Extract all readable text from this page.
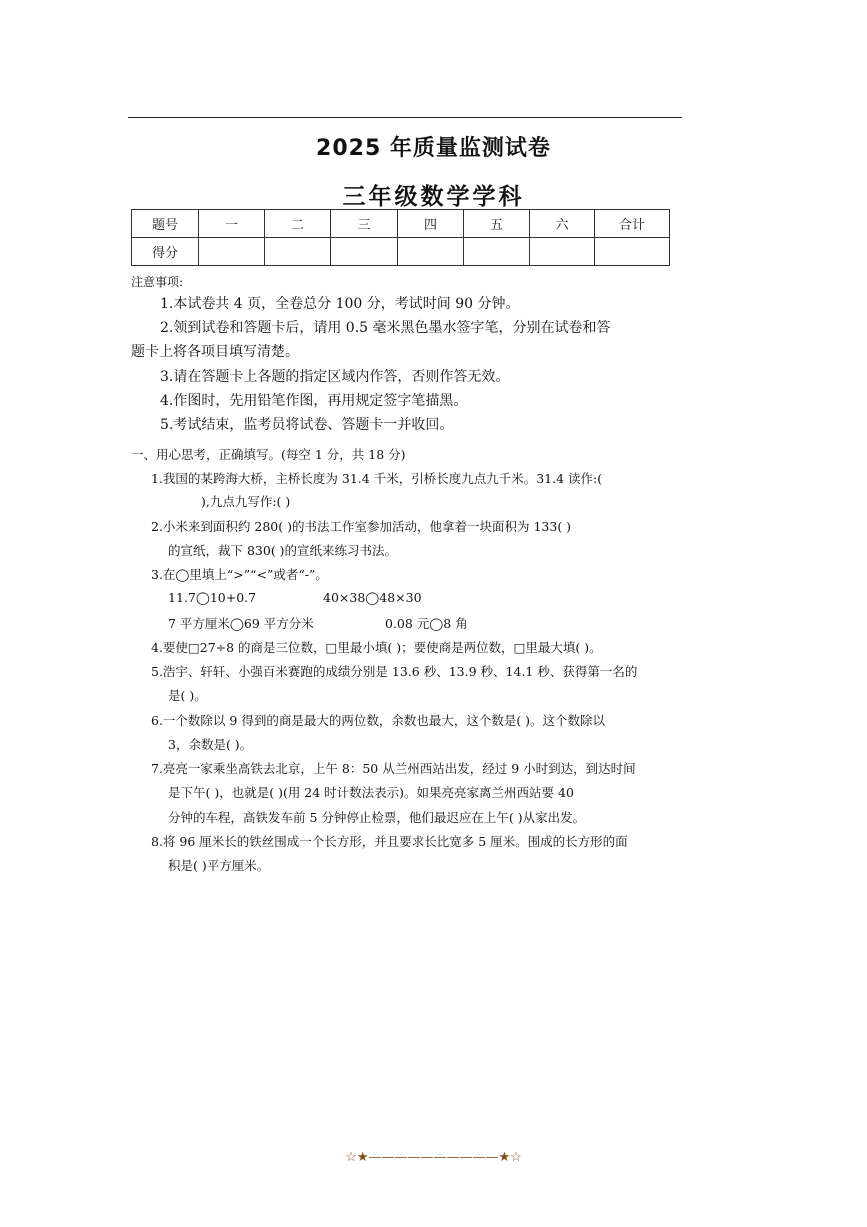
2025 年质量监测试卷
三年级数学学科
题号	一	二	三	四	五	六	合计
得分							
注意事项:
1.本试卷共 4 页，全卷总分 100 分，考试时间 90 分钟。
2.领到试卷和答题卡后，请用 0.5 毫米黑色墨水签字笔，分别在试卷和答
题卡上将各项目填写清楚。
3.请在答题卡上各题的指定区域内作答，否则作答无效。
4.作图时，先用铅笔作图，再用规定签字笔描黑。
5.考试结束，监考员将试卷、答题卡一并收回。
一、用心思考，正确填写。(每空 1 分，共 18 分)
1.我国的某跨海大桥，主桥长度为 31.4 千米，引桥长度九点九千米。31.4 读作:(
),九点九写作:( )
2.小米来到面积约 280( )的书法工作室参加活动，他拿着一块面积为 133( )
的宣纸，裁下 830( )的宣纸来练习书法。
3.在◯里填上“>”“<”或者“-”。
11.7◯10+0.7	40×38◯48×30
7 平方厘米◯69 平方分米	0.08 元◯8 角
4.要使□27÷8 的商是三位数，□里最小填( )；要使商是两位数，□里最大填( )。
5.浩宇、轩轩、小强百米赛跑的成绩分别是 13.6 秒、13.9 秒、14.1 秒、获得第一名的
是( )。
6.一个数除以 9 得到的商是最大的两位数，余数也最大，这个数是( )。这个数除以
3，余数是( )。
7.亮亮一家乘坐高铁去北京，上午 8：50 从兰州西站出发，经过 9 小时到达，到达时间
是下午( )，也就是( )(用 24 时计数法表示)。如果亮亮家离兰州西站要 40
分钟的车程，高铁发车前 5 分钟停止检票，他们最迟应在上午( )从家出发。
8.将 96 厘米长的铁丝围成一个长方形，并且要求长比宽多 5 厘米。围成的长方形的面
积是( )平方厘米。
☆★——————————★☆
